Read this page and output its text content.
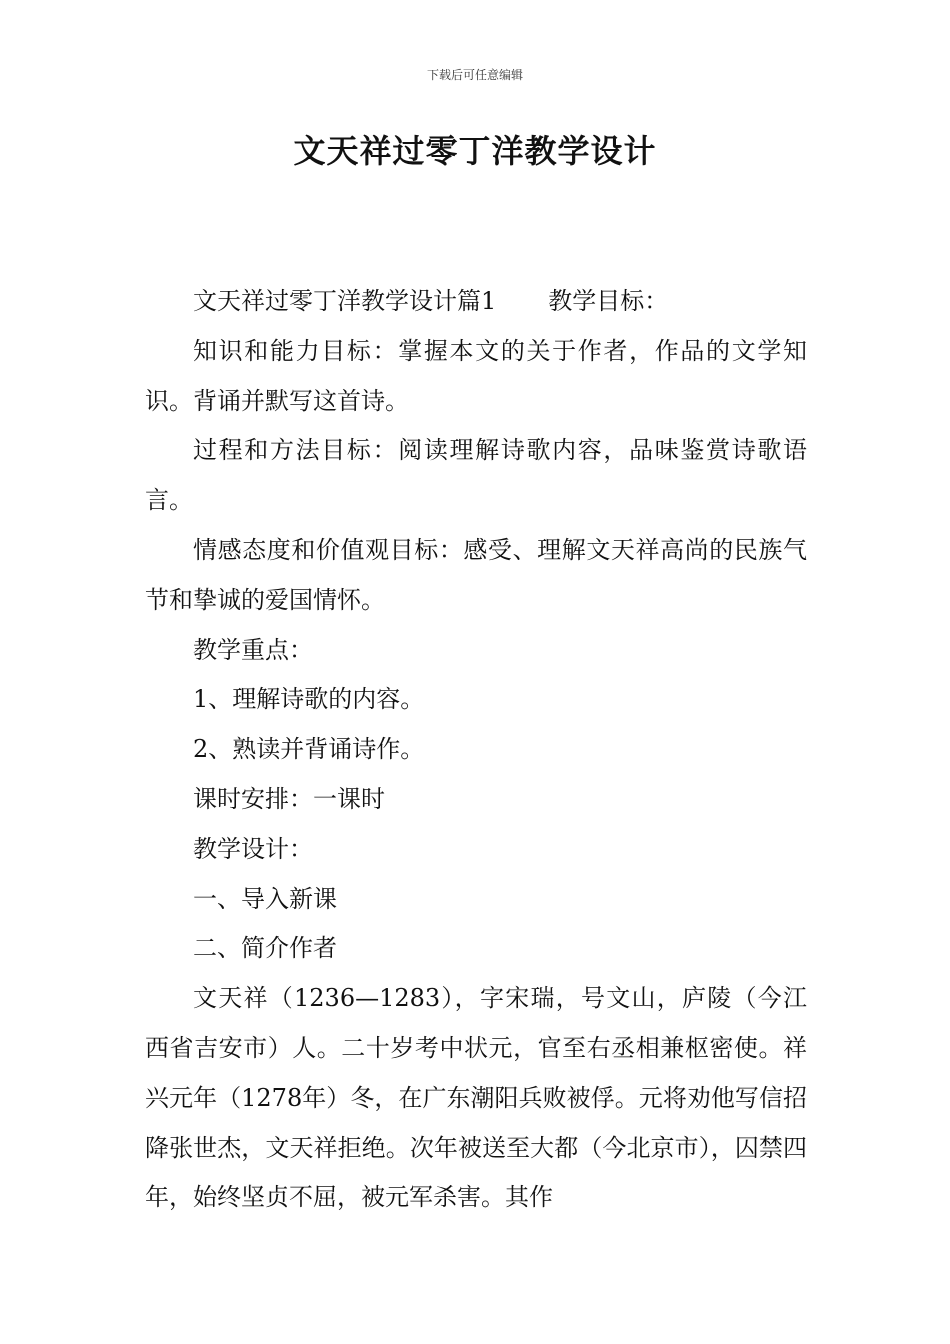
下载后可任意编辑
文天祥过零丁洋教学设计

文天祥过零丁洋教学设计篇1 教学目标：

知识和能力目标：掌握本文的关于作者，作品的文学知识。背诵并默写这首诗。

过程和方法目标：阅读理解诗歌内容，品味鉴赏诗歌语言。

情感态度和价值观目标：感受、理解文天祥高尚的民族气节和挚诚的爱国情怀。

教学重点：

1、理解诗歌的内容。

2、熟读并背诵诗作。

课时安排：一课时

教学设计：

一、导入新课

二、简介作者

文天祥（1236—1283），字宋瑞，号文山，庐陵（今江西省吉安市）人。二十岁考中状元，官至右丞相兼枢密使。祥兴元年（1278年）冬，在广东潮阳兵败被俘。元将劝他写信招降张世杰，文天祥拒绝。次年被送至大都（今北京市），囚禁四年，始终坚贞不屈，被元军杀害。其作
